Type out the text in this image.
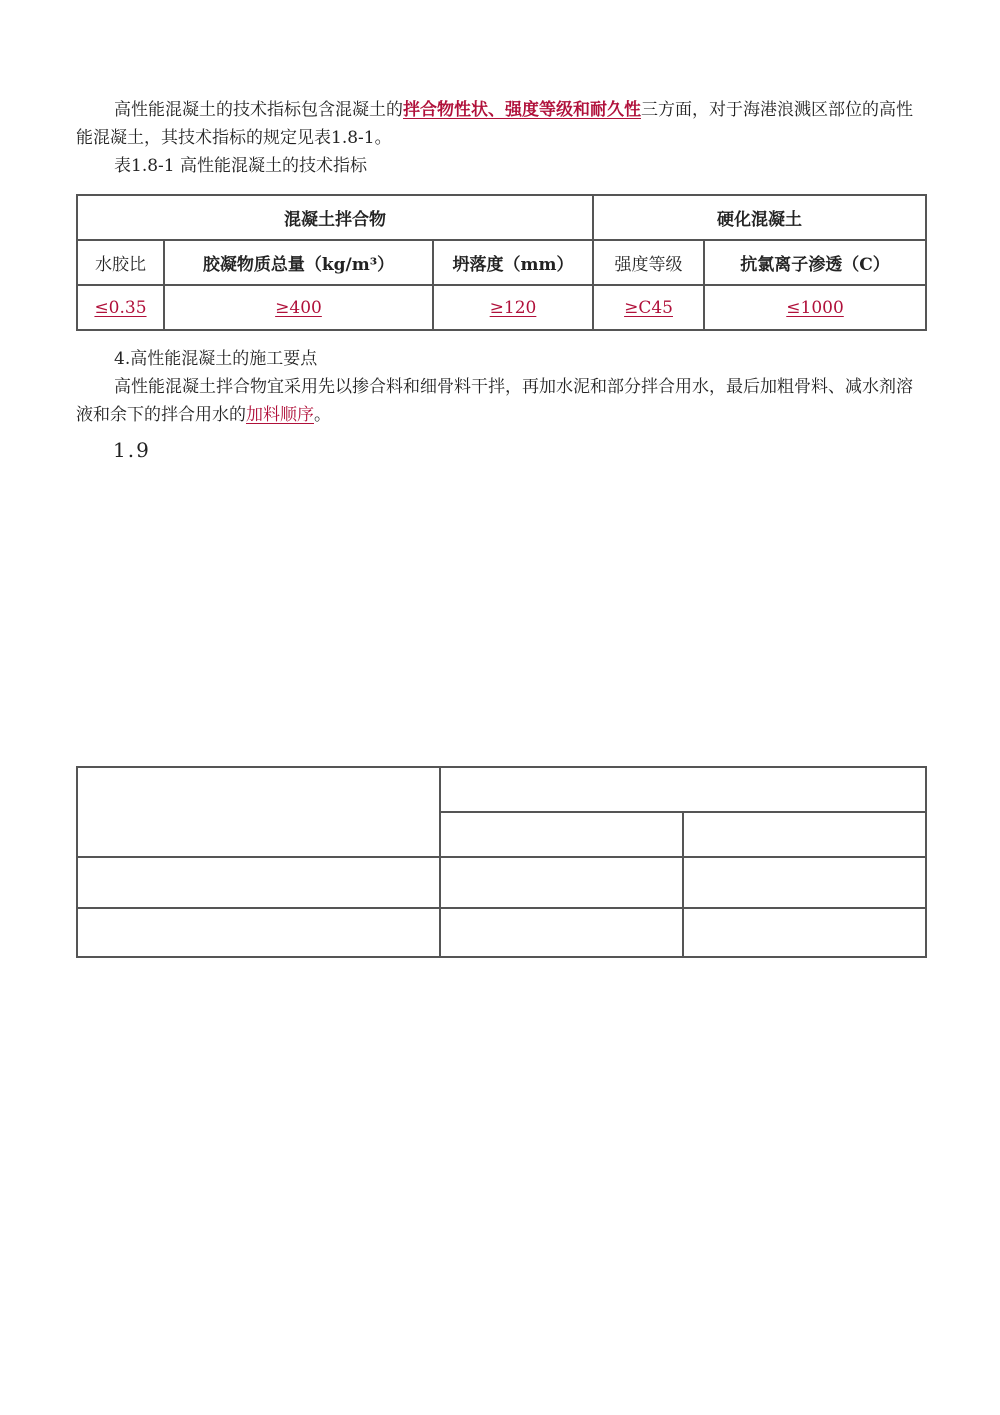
高性能混凝土的技术指标包含混凝土的拌合物性状、强度等级和耐久性三方面，对于海港浪溅区部位的高性能混凝土，其技术指标的规定见表1.8-1。

表1.8-1 高性能混凝土的技术指标

混凝土拌合物			硬化混凝土	
水胶比	胶凝物质总量（kg/m³）	坍落度（mm）	强度等级	抗氯离子渗透（C）
≤0.35	≥400	≥120	≥C45	≤1000

4.高性能混凝土的施工要点

高性能混凝土拌合物宜采用先以掺合料和细骨料干拌，再加水泥和部分拌合用水，最后加粗骨料、减水剂溶液和余下的拌合用水的加料顺序。

1.9
